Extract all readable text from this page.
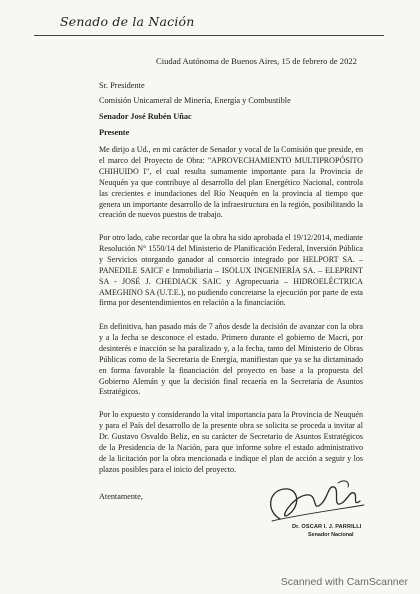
Senado de la Nación
Ciudad Autónoma de Buenos Aires, 15 de febrero de 2022
Sr. Presidente
Comisión Unicameral de Minería, Energía y Combustible
Senador José Rubén Uñac
Presente

Me dirijo a Ud., en mi carácter de Senador y vocal de la Comisión que preside, en el marco del Proyecto de Obra: "APROVECHAMIENTO MULTIPROPÓSITO CHIHUIDO I", el cual resulta sumamente importante para la Provincia de Neuquén ya que contribuye al desarrollo del plan Energético Nacional, controla las crecientes e inundaciones del Río Neuquén en la provincia al tiempo que genera un importante desarrollo de la infraestructura en la región, posibilitando la creación de nuevos puestos de trabajo.

Por otro lado, cabe recordar que la obra ha sido aprobada el 19/12/2014, mediante Resolución N° 1550/14 del Ministerio de Planificación Federal, Inversión Pública y Servicios otorgando ganador al consorcio integrado por HELPORT SA. – PANEDILE SAICF e Inmobiliaria – ISOLUX INGENIERÍA SA. – ELEPRINT SA - JOSÉ J. CHEDIACK SAIC y Agropecuaria – HIDROELÉCTRICA AMEGHINO SA (U.T.E.), no pudiendo concretarse la ejecución por parte de esta firma por desentendimientos en relación a la financiación.

En definitiva, han pasado más de 7 años desde la decisión de avanzar con la obra y a la fecha se desconoce el estado. Primero durante el gobierno de Macri, por desinterés e inacción se ha paralizado y, a la fecha, tanto del Ministerio de Obras Públicas como de la Secretaria de Energía, manifiestan que ya se ha dictaminado en forma favorable la financiación del proyecto en base a la propuesta del Gobierno Alemán y que la decisión final recaería en la Secretaría de Asuntos Estratégicos.

Por lo expuesto y considerando la vital importancia para la Provincia de Neuquén y para el País del desarrollo de la presente obra se solicita se proceda a invitar al Dr. Gustavo Osvaldo Beliz, en su carácter de Secretario de Asuntos Estratégicos de la Presidencia de la Nación, para que informe sobre el estado administrativo de la licitación por la obra mencionada e indique el plan de acción a seguir y los plazos posibles para el inicio del proyecto.

Atentamente,
Dr. OSCAR I. J. PARRILLI
Senador Nacional
Scanned with CamScanner
